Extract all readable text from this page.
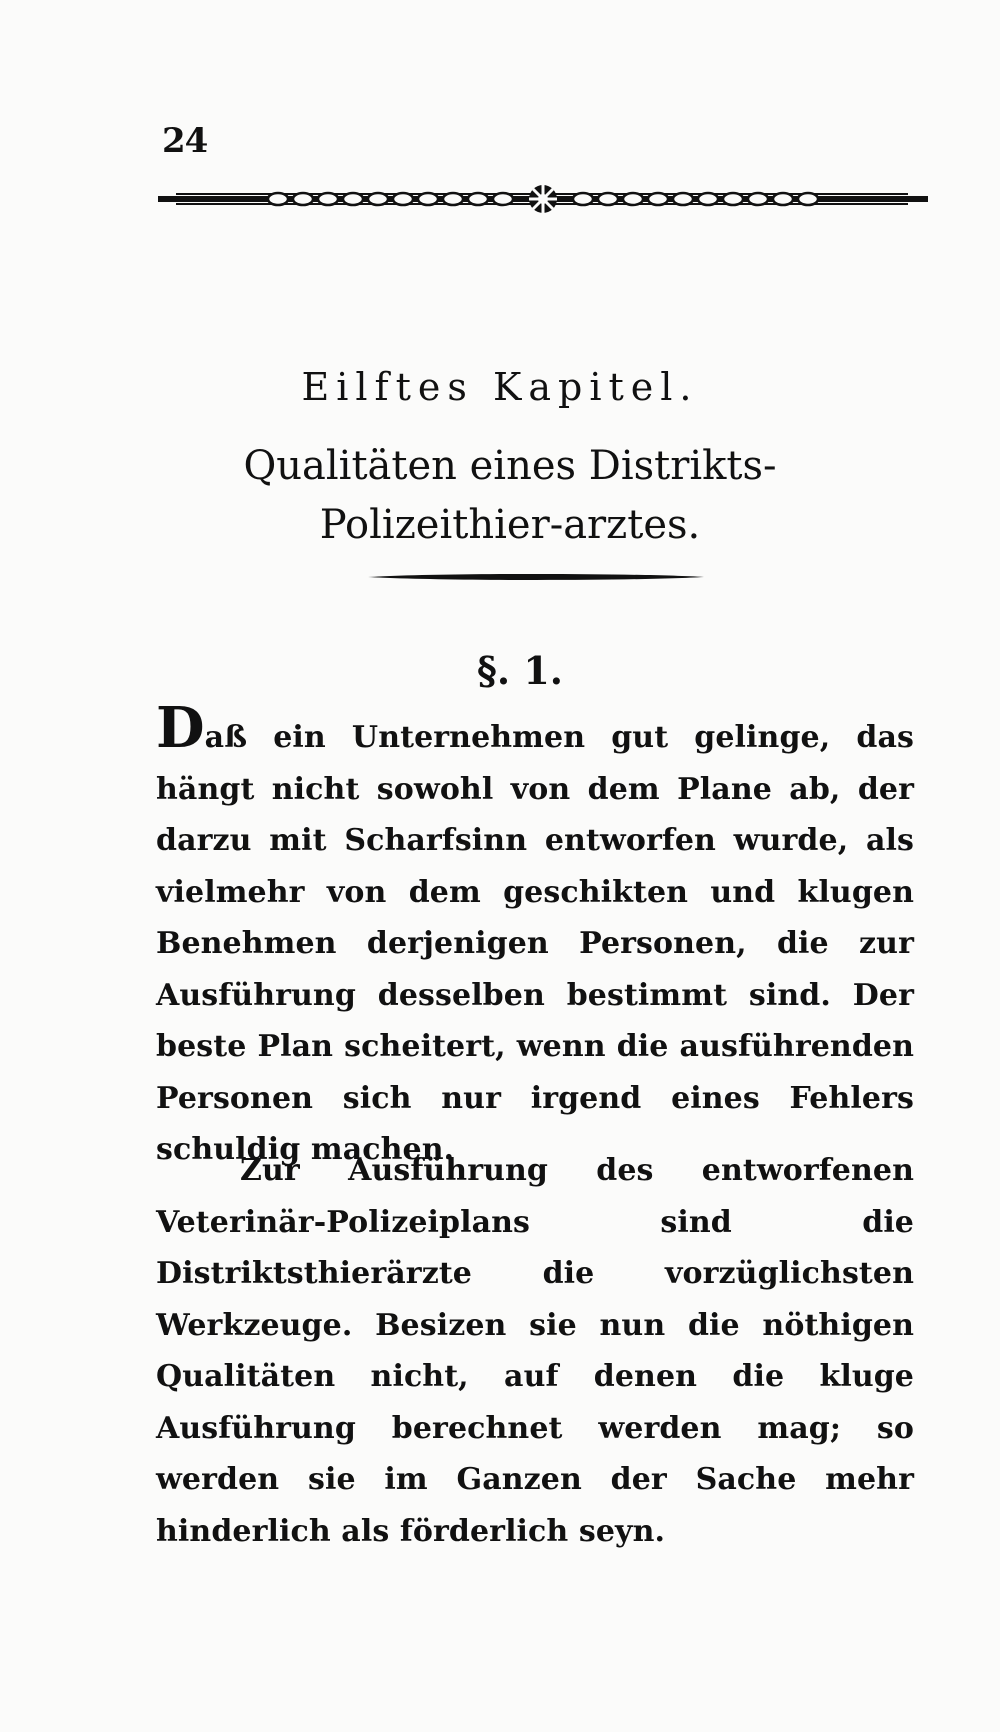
24
Eilftes Kapitel.
Qualitäten eines Distrikts-Polizeithier-arztes.
§. 1.

Daß ein Unternehmen gut gelinge, das hängt nicht sowohl von dem Plane ab, der darzu mit Scharfsinn entworfen wurde, als vielmehr von dem geschikten und klugen Benehmen derjenigen Personen, die zur Ausführung desselben bestimmt sind. Der beste Plan scheitert, wenn die ausführenden Personen sich nur irgend eines Fehlers schuldig machen.

Zur Ausführung des entworfenen Veterinär-Polizeiplans sind die Distriktsthierärzte die vorzüglichsten Werkzeuge. Besizen sie nun die nöthigen Qualitäten nicht, auf denen die kluge Ausführung berechnet werden mag; so werden sie im Ganzen der Sache mehr hinderlich als förderlich seyn.
